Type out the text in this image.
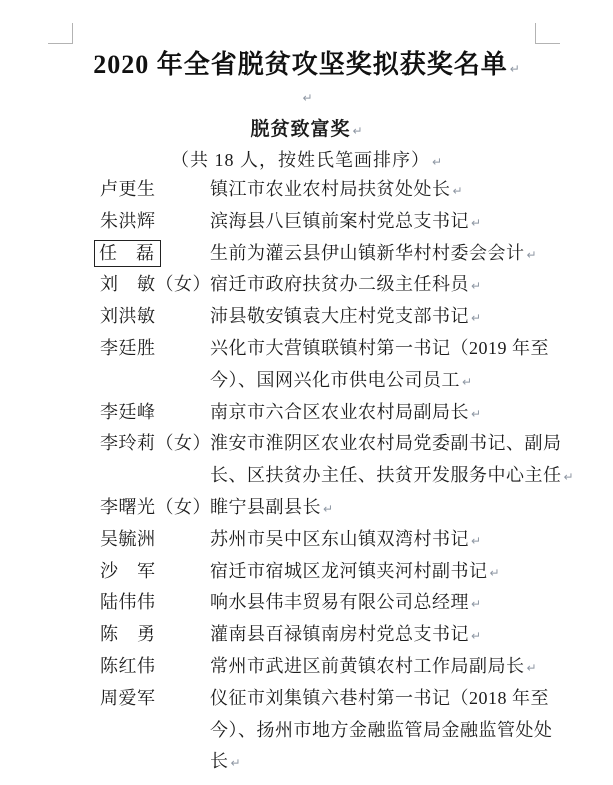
2020 年全省脱贫攻坚奖拟获奖名单 ↵
↵
脱贫致富奖 ↵
（共 18 人，按姓氏笔画排序） ↵
卢更生	镇江市农业农村局扶贫处处长 ↵
朱洪辉	滨海县八巨镇前案村党总支书记 ↵
任　磊	生前为灌云县伊山镇新华村村委会会计 ↵
刘　敏（女） 宿迁市政府扶贫办二级主任科员 ↵
刘洪敏	沛县敬安镇袁大庄村党支部书记 ↵
李廷胜	兴化市大营镇联镇村第一书记（2019 年至
今）、国网兴化市供电公司员工 ↵
李廷峰	南京市六合区农业农村局副局长 ↵
李玲莉（女） 淮安市淮阴区农业农村局党委副书记、副局
长、区扶贫办主任、扶贫开发服务中心主任 ↵
李曙光（女） 睢宁县副县长 ↵
吴毓洲	苏州市吴中区东山镇双湾村书记 ↵
沙　军	宿迁市宿城区龙河镇夹河村副书记 ↵
陆伟伟	响水县伟丰贸易有限公司总经理 ↵
陈　勇	灌南县百禄镇南房村党总支书记 ↵
陈红伟	常州市武进区前黄镇农村工作局副局长 ↵
周爱军	仪征市刘集镇六巷村第一书记（2018 年至
今）、扬州市地方金融监管局金融监管处处
长 ↵
